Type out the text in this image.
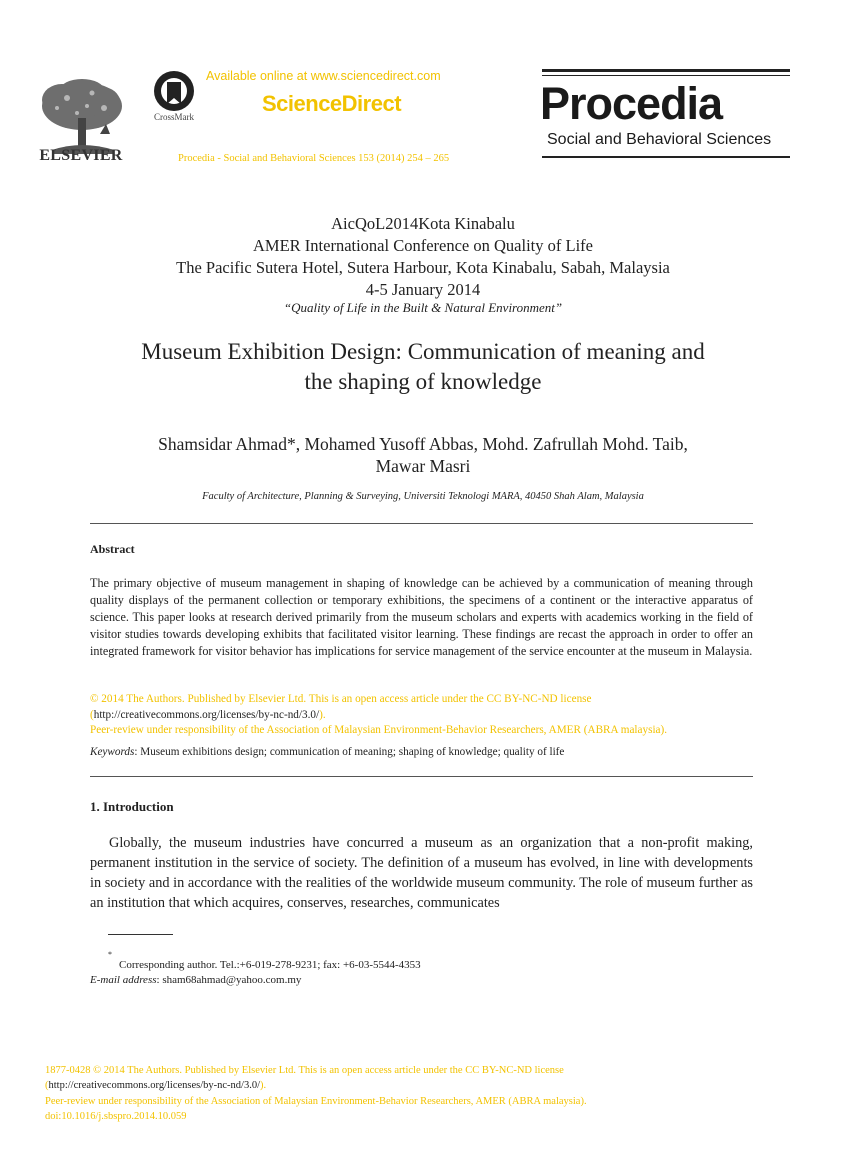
ELSEVIER
CrossMark
Available online at www.sciencedirect.com
ScienceDirect
Procedia - Social and Behavioral Sciences 153 (2014) 254 – 265
Procedia
Social and Behavioral Sciences
AicQoL2014Kota Kinabalu
AMER International Conference on Quality of Life
The Pacific Sutera Hotel, Sutera Harbour, Kota Kinabalu, Sabah, Malaysia
4-5 January 2014
“Quality of Life in the Built & Natural Environment”
Museum Exhibition Design: Communication of meaning and
the shaping of knowledge
Shamsidar Ahmad*, Mohamed Yusoff Abbas, Mohd. Zafrullah Mohd. Taib,
Mawar Masri
Faculty of Architecture, Planning & Surveying, Universiti Teknologi MARA, 40450 Shah Alam, Malaysia
Abstract
The primary objective of museum management in shaping of knowledge can be achieved by a communication of meaning through quality displays of the permanent collection or temporary exhibitions, the specimens of a continent or the interactive apparatus of science. This paper looks at research derived primarily from the museum scholars and experts with academics working in the field of visitor studies towards developing exhibits that facilitated visitor learning. These findings are recast the approach in order to offer an integrated framework for visitor behavior has implications for service management of the service encounter at the museum in Malaysia.
© 2014 The Authors. Published by Elsevier Ltd. This is an open access article under the CC BY-NC-ND license
(http://creativecommons.org/licenses/by-nc-nd/3.0/).
Peer-review under responsibility of the Association of Malaysian Environment-Behavior Researchers, AMER (ABRA malaysia).
Keywords: Museum exhibitions design; communication of meaning; shaping of knowledge; quality of life
1. Introduction
Globally, the museum industries have concurred a museum as an organization that a non-profit making, permanent institution in the service of society. The definition of a museum has evolved, in line with developments in society and in accordance with the realities of the worldwide museum community. The role of museum further as an institution that which acquires, conserves, researches, communicates
*
Corresponding author. Tel.:+6-019-278-9231; fax: +6-03-5544-4353
E-mail address: sham68ahmad@yahoo.com.my
1877-0428 © 2014 The Authors. Published by Elsevier Ltd. This is an open access article under the CC BY-NC-ND license
(http://creativecommons.org/licenses/by-nc-nd/3.0/).
Peer-review under responsibility of the Association of Malaysian Environment-Behavior Researchers, AMER (ABRA malaysia).
doi:10.1016/j.sbspro.2014.10.059
